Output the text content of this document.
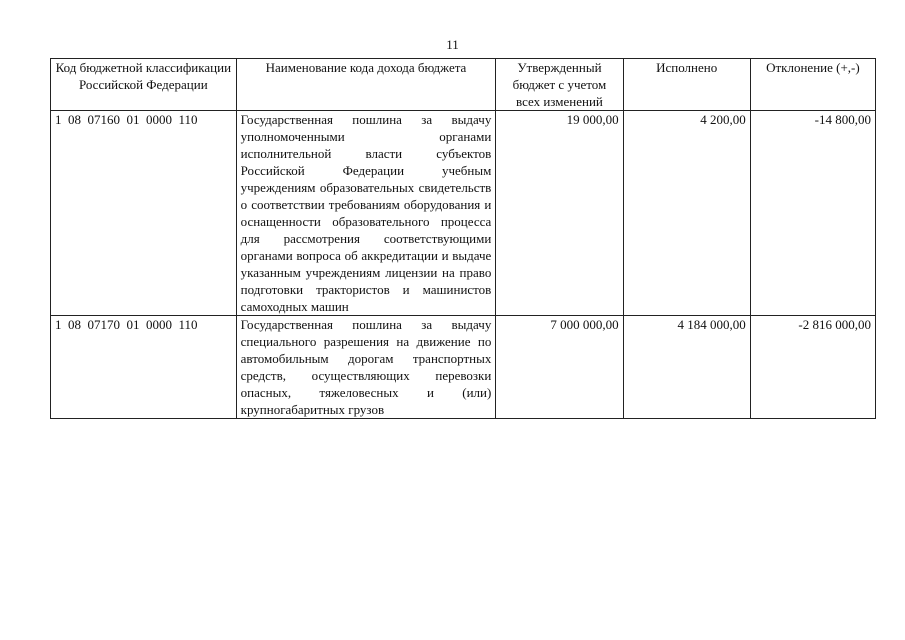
11
Код бюджетной классификации Российской Федерации	Наименование кода дохода бюджета	Утвержденный бюджет с учетом всех изменений	Исполнено	Отклонение (+,-)
1  08  07160  01  0000  110	Государственная пошлина за выдачу уполномоченными органами исполнительной власти субъектов Российской Федерации учебным учреждениям образовательных свидетельств о соответствии требованиям оборудования и оснащенности образовательного процесса для рассмотрения соответствующими органами вопроса об аккредитации и выдаче указанным учреждениям лицензии на право подготовки трактористов и машинистов самоходных машин	19 000,00	4 200,00	-14 800,00
1  08  07170  01  0000  110	Государственная пошлина за выдачу специального разрешения на движение по автомобильным дорогам транспортных средств, осуществляющих перевозки опасных, тяжеловесных и (или) крупногабаритных грузов	7 000 000,00	4 184 000,00	-2 816 000,00
